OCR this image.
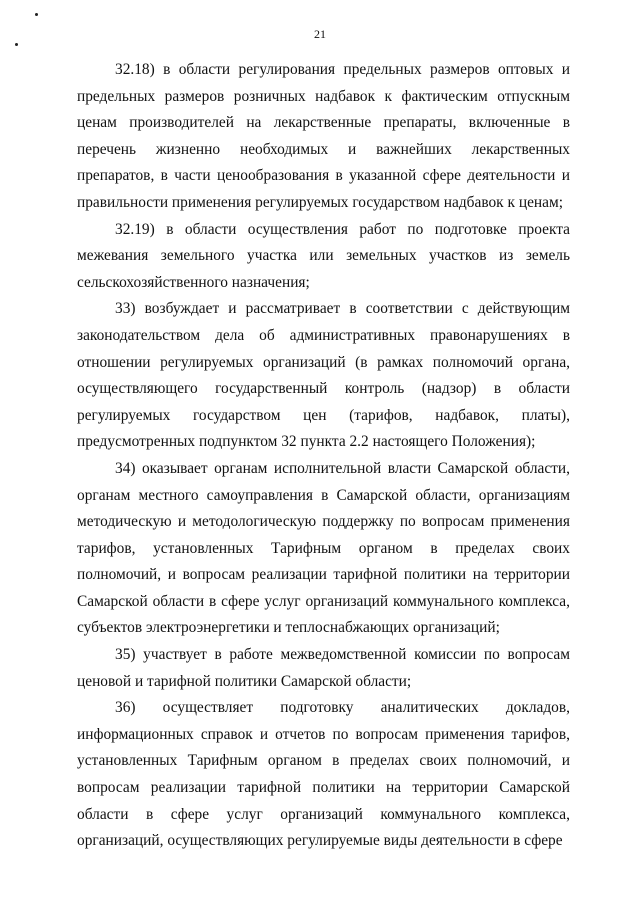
21

32.18) в области регулирования предельных размеров оптовых и предельных размеров розничных надбавок к фактическим отпускным ценам производителей на лекарственные препараты, включенные в перечень жизненно необходимых и важнейших лекарственных препаратов, в части ценообразования в указанной сфере деятельности и правильности применения регулируемых государством надбавок к ценам;

32.19) в области осуществления работ по подготовке проекта межевания земельного участка или земельных участков из земель сельскохозяйственного назначения;

33) возбуждает и рассматривает в соответствии с действующим законодательством дела об административных правонарушениях в отношении регулируемых организаций (в рамках полномочий органа, осуществляющего государственный контроль (надзор) в области регулируемых государством цен (тарифов, надбавок, платы), предусмотренных подпунктом 32 пункта 2.2 настоящего Положения);

34) оказывает органам исполнительной власти Самарской области, органам местного самоуправления в Самарской области, организациям методическую и методологическую поддержку по вопросам применения тарифов, установленных Тарифным органом в пределах своих полномочий, и вопросам реализации тарифной политики на территории Самарской области в сфере услуг организаций коммунального комплекса, субъектов электроэнергетики и теплоснабжающих организаций;

35) участвует в работе межведомственной комиссии по вопросам ценовой и тарифной политики Самарской области;

36) осуществляет подготовку аналитических докладов, информационных справок и отчетов по вопросам применения тарифов, установленных Тарифным органом в пределах своих полномочий, и вопросам реализации тарифной политики на территории Самарской области в сфере услуг организаций коммунального комплекса, организаций, осуществляющих регулируемые виды деятельности в сфере
